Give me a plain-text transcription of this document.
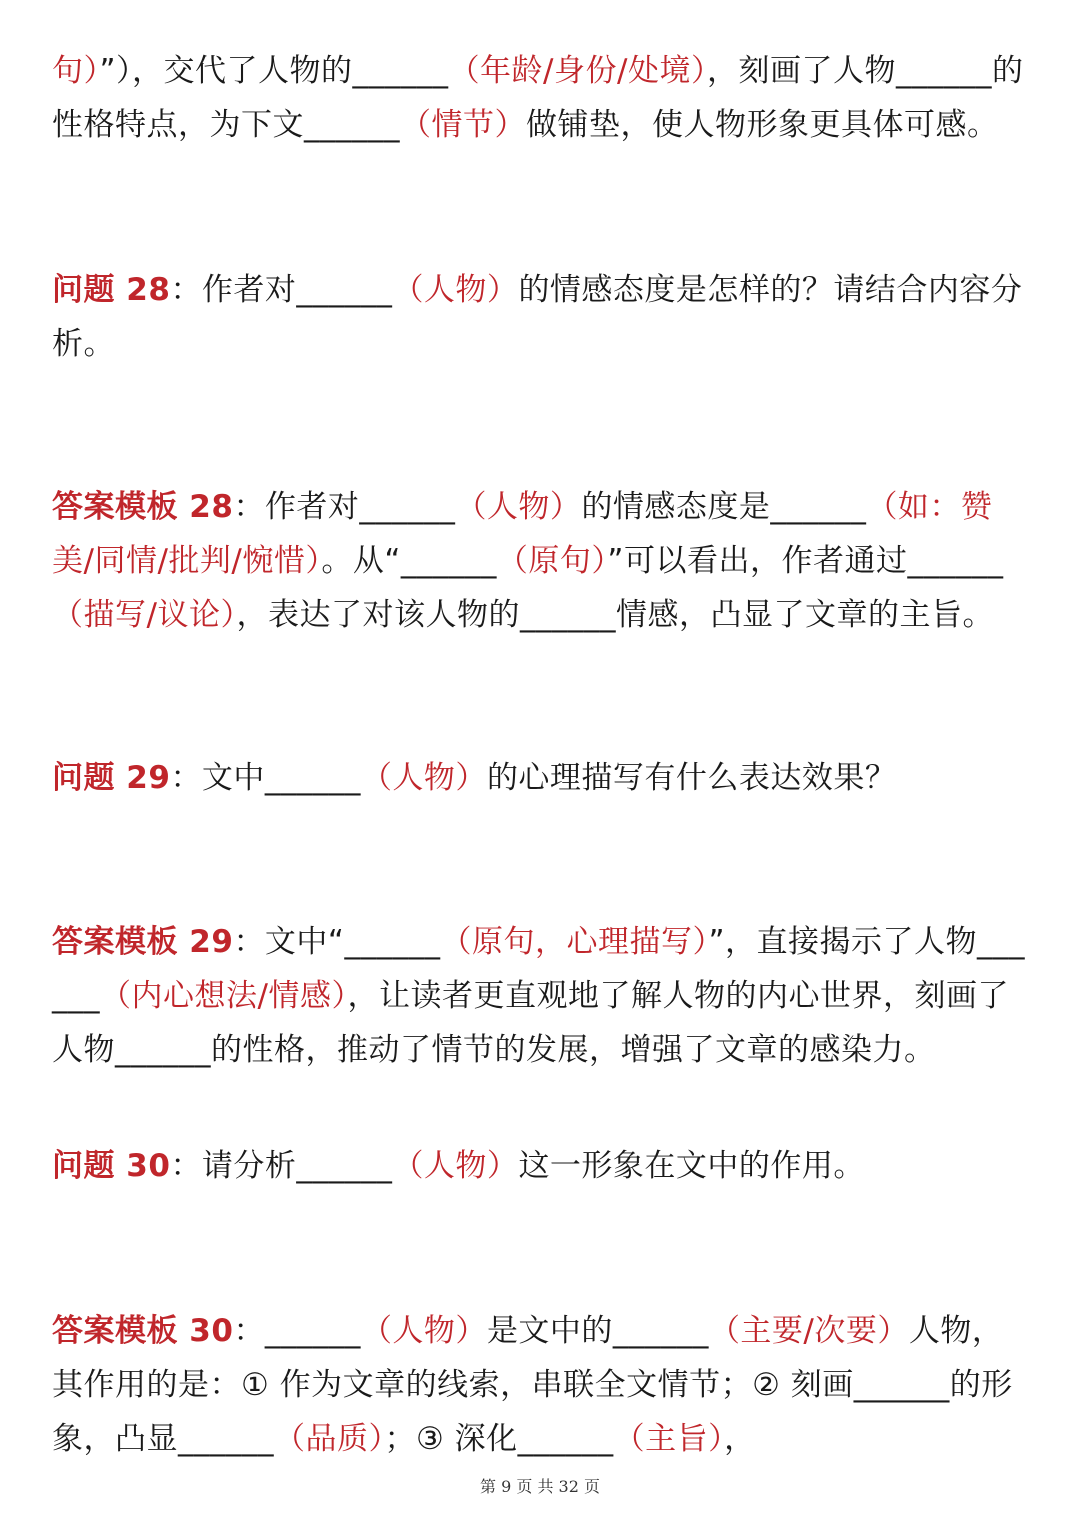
句）”），交代了人物的______（年龄/身份/处境），刻画了人物______的性格特点，为下文______（情节）做铺垫，使人物形象更具体可感。
问题 28：作者对______（人物）的情感态度是怎样的？请结合内容分析。
答案模板 28：作者对______（人物）的情感态度是______（如：赞美/同情/批判/惋惜）。从“______（原句）”可以看出，作者通过______（描写/议论），表达了对该人物的______情感，凸显了文章的主旨。
问题 29：文中______（人物）的心理描写有什么表达效果？
答案模板 29：文中“______（原句，心理描写）”，直接揭示了人物______（内心想法/情感），让读者更直观地了解人物的内心世界，刻画了人物______的性格，推动了情节的发展，增强了文章的感染力。
问题 30：请分析______（人物）这一形象在文中的作用。
答案模板 30：______（人物）是文中的______（主要/次要）人物，其作用的是：① 作为文章的线索，串联全文情节；② 刻画______的形象，凸显______（品质）；③ 深化______（主旨），
第 9 页 共 32 页
